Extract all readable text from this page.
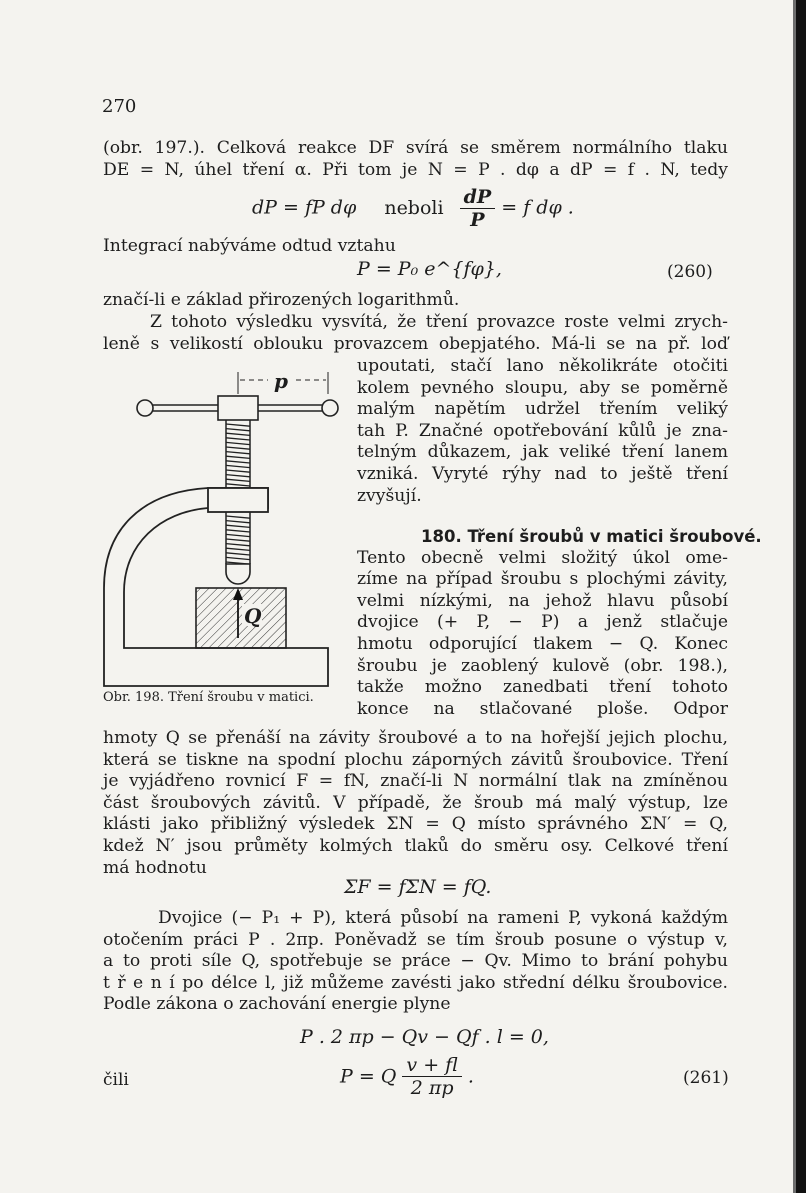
270
(obr. 197.). Celková reakce DF svírá se směrem normálního tlaku
DE = N, úhel tření α. Při tom je N = P . dφ a dP = f . N, tedy
dP = fP dφ neboli $\frac{dP}{P} = f$ dφ .
Integrací nabýváme odtud vztahu
P = P₀ e^{fφ},	(260)
značí-li e základ přirozených logarithmů.
Z tohoto výsledku vysvítá, že tření provazce roste velmi zrych-
leně s velikostí oblouku provazcem obepjatého. Má-li se na př. loď
upoutati, stačí lano několikráte otočiti
kolem pevného sloupu, aby se poměrně
malým napětím udržel třením veliký
tah P. Značné opotřebování kůlů je zna-
telným důkazem, jak veliké tření lanem
vzniká. Vyryté rýhy nad to ještě tření
zvyšují.
180. Tření šroubů v matici šroubové.
Tento obecně velmi složitý úkol ome-
zíme na případ šroubu s plochými závity,
velmi nízkými, na jehož hlavu působí
dvojice (+ P, − P) a jenž stlačuje
hmotu odporující tlakem − Q. Konec
šroubu je zaoblený kulově (obr. 198.),
takže možno zanedbati tření tohoto
konce na stlačované ploše. Odpor
hmoty Q se přenáší na závity šroubové a to na hořejší jejich plochu,
která se tiskne na spodní plochu záporných závitů šroubovice. Tření
je vyjádřeno rovnicí F = fN, značí-li N normální tlak na zmíněnou
část šroubových závitů. V případě, že šroub má malý výstup, lze
klásti jako přibližný výsledek ΣN = Q místo správného ΣN′ = Q,
kdež N′ jsou průměty kolmých tlaků do směru osy. Celkové tření
má hodnotu
p
Q
Obr. 198. Tření šroubu v matici.
ΣF = fΣN = fQ.
Dvojice (− P₁ + P), která působí na rameni P, vykoná každým
otočením práci P . 2πp. Poněvadž se tím šroub posune o výstup v,
a to proti síle Q, spotřebuje se práce − Qv. Mimo to brání pohybu
t ř e n í po délce l, již můžeme zavésti jako střední délku šroubovice.
Podle zákona o zachování energie plyne
P . 2 πp − Qv − Qf . l = 0,
čili	P = Q $\frac{v + fl}{2 \pi p}$ .	(261)
